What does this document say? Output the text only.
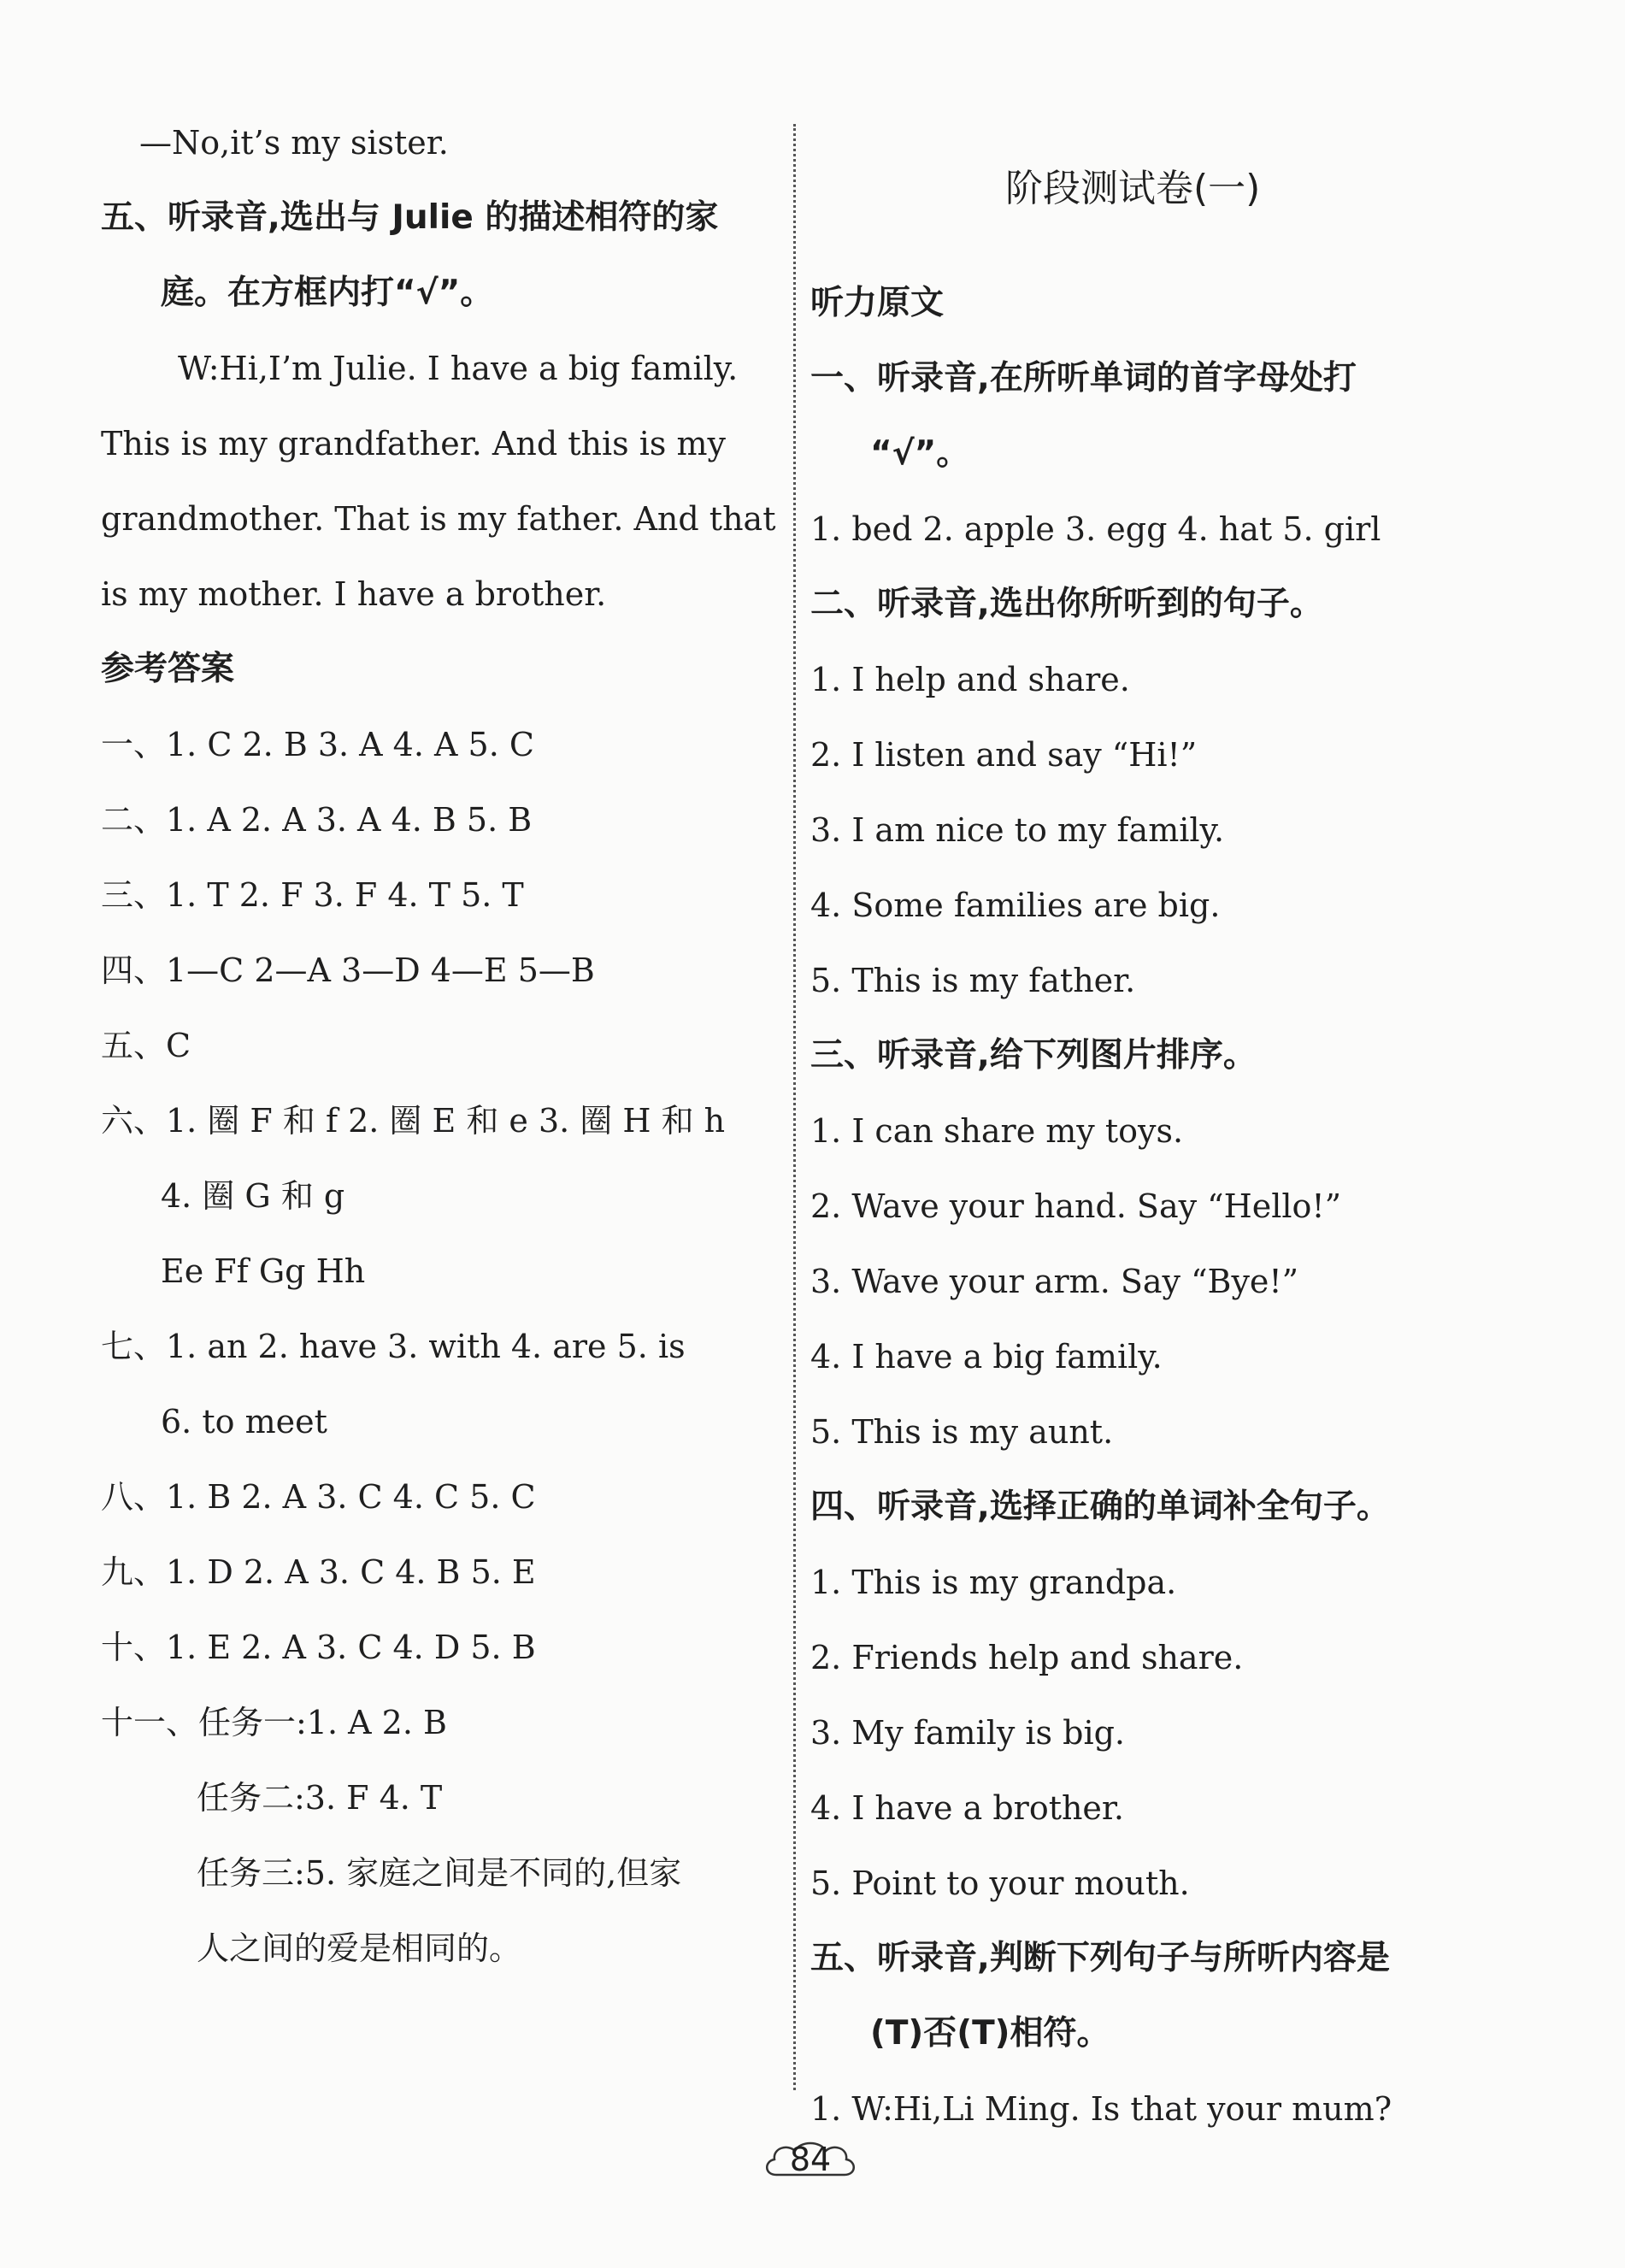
—No,it’s my sister.
五、听录音,选出与 Julie 的描述相符的家
庭。在方框内打“√”。
W:Hi,I’m Julie. I have a big family.
This is my grandfather. And this is my
grandmother. That is my father. And that
is my mother. I have a brother.
参考答案
一、1. C 2. B 3. A 4. A 5. C
二、1. A 2. A 3. A 4. B 5. B
三、1. T 2. F 3. F 4. T 5. T
四、1—C 2—A 3—D 4—E 5—B
五、C
六、1. 圈 F 和 f 2. 圈 E 和 e 3. 圈 H 和 h
4. 圈 G 和 g
Ee Ff Gg Hh
七、1. an 2. have 3. with 4. are 5. is
6. to meet
八、1. B 2. A 3. C 4. C 5. C
九、1. D 2. A 3. C 4. B 5. E
十、1. E 2. A 3. C 4. D 5. B
十一、任务一:1. A 2. B
任务二:3. F 4. T
任务三:5. 家庭之间是不同的,但家
人之间的爱是相同的。
阶段测试卷(一)
听力原文
一、听录音,在所听单词的首字母处打
“√”。
1. bed 2. apple 3. egg 4. hat 5. girl
二、听录音,选出你所听到的句子。
1. I help and share.
2. I listen and say “Hi!”
3. I am nice to my family.
4. Some families are big.
5. This is my father.
三、听录音,给下列图片排序。
1. I can share my toys.
2. Wave your hand. Say “Hello!”
3. Wave your arm. Say “Bye!”
4. I have a big family.
5. This is my aunt.
四、听录音,选择正确的单词补全句子。
1. This is my grandpa.
2. Friends help and share.
3. My family is big.
4. I have a brother.
5. Point to your mouth.
五、听录音,判断下列句子与所听内容是
(T)否(T)相符。
1. W:Hi,Li Ming. Is that your mum?
84
